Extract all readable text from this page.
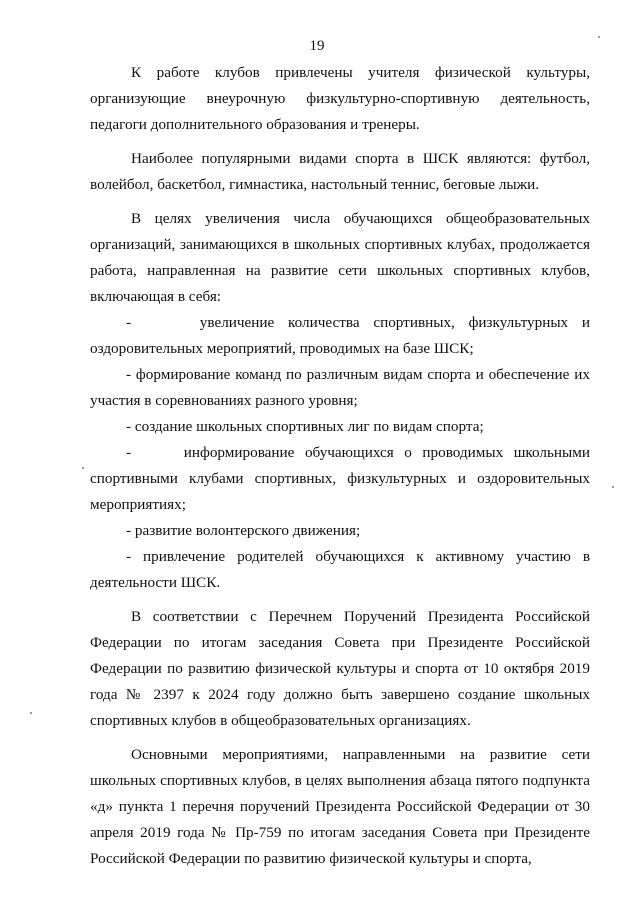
19

К работе клубов привлечены учителя физической культуры, организующие внеурочную физкультурно-спортивную деятельность, педагоги дополнительного образования и тренеры.

Наиболее популярными видами спорта в ШСК являются: футбол, волейбол, баскетбол, гимнастика, настольный теннис, беговые лыжи.

В целях увеличения числа обучающихся общеобразовательных организаций, занимающихся в школьных спортивных клубах, продолжается работа, направленная на развитие сети школьных спортивных клубов, включающая в себя:

-     увеличение количества спортивных, физкультурных и оздоровительных мероприятий, проводимых на базе ШСК;

- формирование команд по различным видам спорта и обеспечение их участия в соревнованиях разного уровня;

- создание школьных спортивных лиг по видам спорта;

-     информирование обучающихся о проводимых школьными спортивными клубами спортивных, физкультурных и оздоровительных мероприятиях;

- развитие волонтерского движения;

- привлечение родителей обучающихся к активному участию в деятельности ШСК.

В соответствии с Перечнем Поручений Президента Российской Федерации по итогам заседания Совета при Президенте Российской Федерации по развитию физической культуры и спорта от 10 октября 2019 года № 2397 к 2024 году должно быть завершено создание школьных спортивных клубов в общеобразовательных организациях.

Основными мероприятиями, направленными на развитие сети школьных спортивных клубов, в целях выполнения абзаца пятого подпункта «д» пункта 1 перечня поручений Президента Российской Федерации от 30 апреля 2019 года № Пр-759 по итогам заседания Совета при Президенте Российской Федерации по развитию физической культуры и спорта,
